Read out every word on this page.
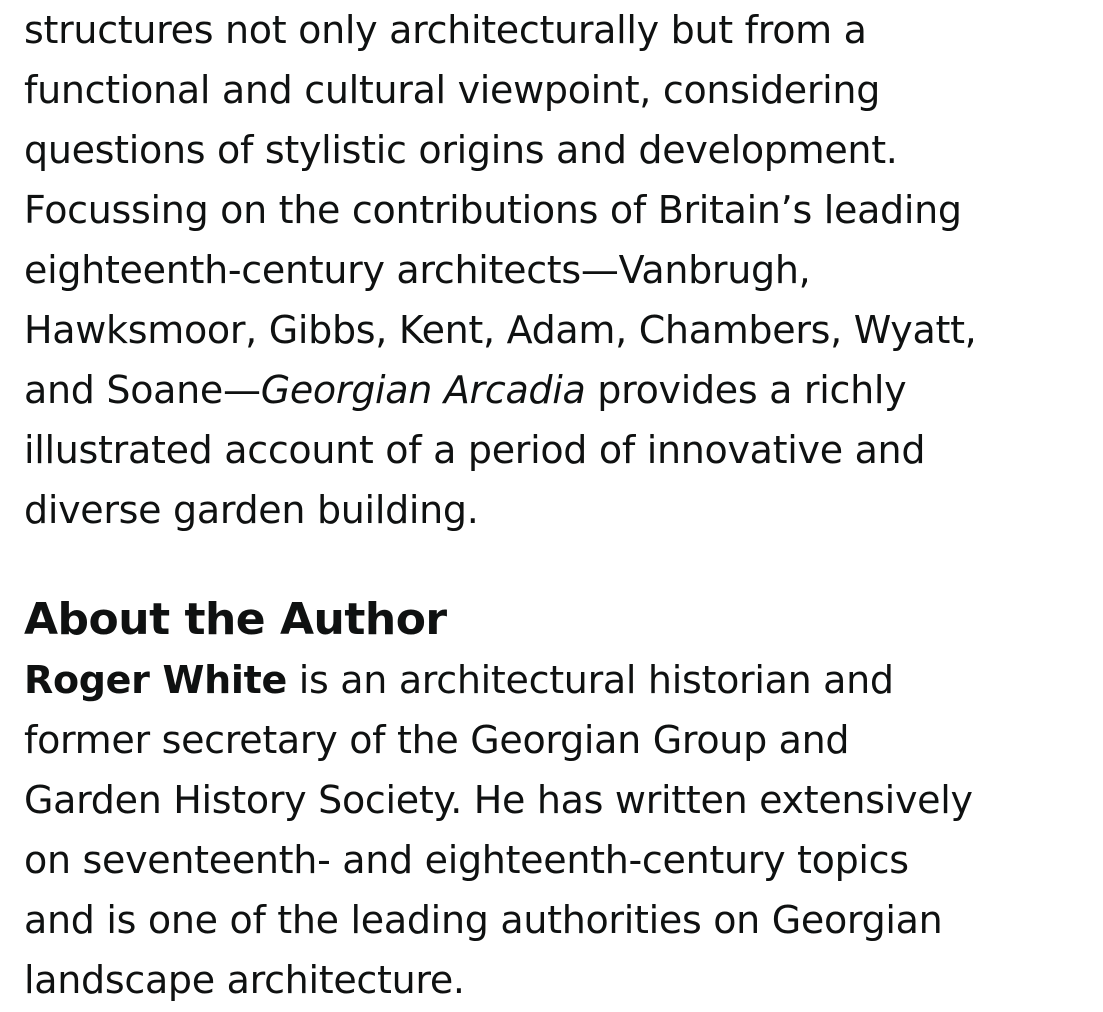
structures not only architecturally but from a
functional and cultural viewpoint, considering
questions of stylistic origins and development.
Focussing on the contributions of Britain’s leading
eighteenth-century architects—Vanbrugh,
Hawksmoor, Gibbs, Kent, Adam, Chambers, Wyatt,
and Soane—Georgian Arcadia provides a richly
illustrated account of a period of innovative and
diverse garden building.

About the Author

Roger White is an architectural historian and
former secretary of the Georgian Group and
Garden History Society. He has written extensively
on seventeenth- and eighteenth-century topics
and is one of the leading authorities on Georgian
landscape architecture.
